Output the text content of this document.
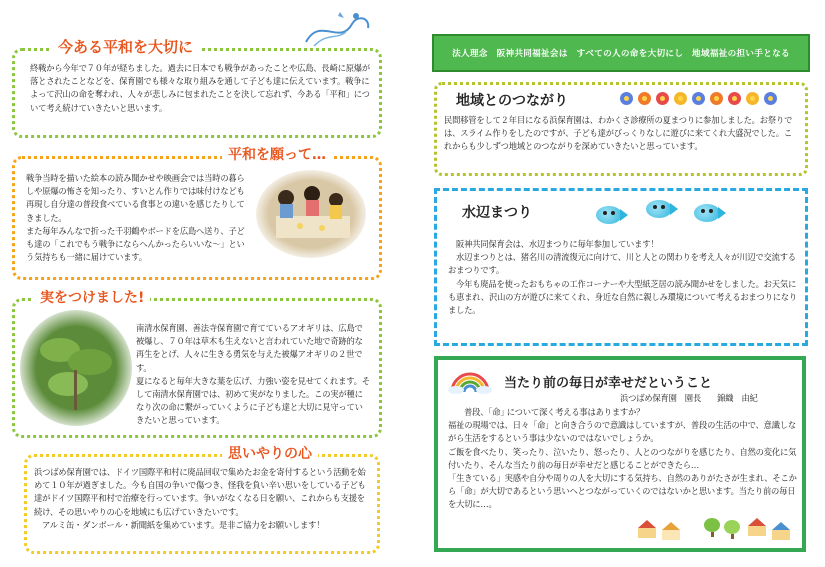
今ある平和を大切に
終戦から今年で７０年が経ちました。過去に日本でも戦争があったことや広島、長崎に原爆が落とされたことなどを、保育園でも様々な取り組みを通して子ども達に伝えています。戦争によって沢山の命を奪われ、人々が悲しみに包まれたことを決して忘れず、今ある「平和」について考え続けていきたいと思います。
平和を願って…

戦争当時を描いた絵本の読み聞かせや映画会では当時の暮らしや原爆の怖さを知ったり、すいとん作りでは味付けなども再現し自分達の普段食べている食事との違いを感じたりしてきました。

また毎年みんなで折った千羽鶴やボードを広島へ送り、子ども達の「これでもう戦争にならへんかったらいいな～」という気持ちも一緒に届けています。

実をつけました!

南清水保育園、善法寺保育園で育てているアオギリは、広島で被爆し、７０年は草木も生えないと言われていた地で奇跡的な再生をとげ、人々に生きる勇気を与えた被爆アオギリの２世です。

夏になると毎年大きな葉を広げ、力強い姿を見せてくれます。そして南清水保育園では、初めて実がなりました。この実が種になり次の命に繋がっていくように子ども達と大切に見守っていきたいと思っています。

思いやりの心

浜つばめ保育園では、ドイツ国際平和村に廃品回収で集めたお金を寄付するという活動を始めて１０年が過ぎました。今も自国の争いで傷つき、怪我を負い辛い思いをしている子ども達がドイツ国際平和村で治療を行っています。争いがなくなる日を願い、これからも支援を続け、その思いやりの心を地域にも広げていきたいです。

アルミ缶・ダンボール・新聞紙を集めています。是非ご協力をお願いします！

法人理念　阪神共同福祉会は　すべての人の命を大切にし　地域福祉の担い手となる
地域とのつながり
民間移管をして２年目になる浜保育園は、わかくさ診療所の夏まつりに参加しました。お祭りでは、スライム作りをしたのですが、子ども達がびっくりなしに遊びに来てくれ大盛況でした。これからも少しずつ地域とのつながりを深めていきたいと思っています。
水辺まつり

阪神共同保育会は、水辺まつりに毎年参加しています！

水辺まつりとは、猪名川の清流復元に向けて、川と人との関わりを考え人々が川辺で交流するおまつりです。

今年も廃品を使ったおもちゃの工作コーナーや大型紙芝居の読み聞かせをしました。お天気にも恵まれ、沢山の方が遊びに来てくれ、身近な自然に親しみ環境について考えるおまつりになりました。

当たり前の毎日が幸せだということ
浜つばめ保育園　園長　　錦織　由紀

普段、｢命｣ について深く考える事はありますか？

福祉の現場では、日々「命」と向き合うので意識はしていますが、普段の生活の中で、意識しながら生活をするという事は少ないのではないでしょうか。

ご飯を食べたり、笑ったり、泣いたり、怒ったり、人とのつながりを感じたり、自然の変化に気付いたり、そんな当たり前の毎日が幸せだと感じることができたら…

「生きている」実感や自分や周りの人を大切にする気持ち、自然のありがたさが生まれ、そこから「命」が大切であるという思いへとつながっていくのではないかと思います。当たり前の毎日を大切に…。
